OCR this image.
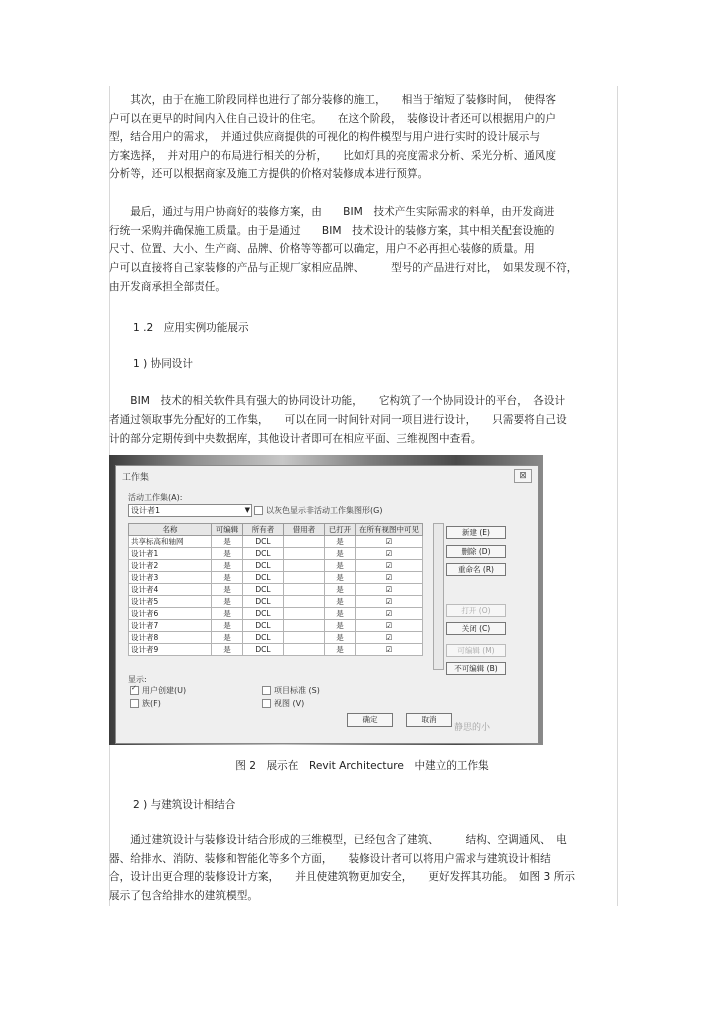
　　其次，由于在施工阶段同样也进行了部分装修的施工，　　相当于缩短了装修时间，　使得客

户可以在更早的时间内入住自己设计的住宅。　　在这个阶段，　装修设计者还可以根据用户的户

型，结合用户的需求，　并通过供应商提供的可视化的构件模型与用户进行实时的设计展示与

方案选择，　并对用户的布局进行相关的分析，　　比如灯具的亮度需求分析、采光分析、通风度

分析等，还可以根据商家及施工方提供的价格对装修成本进行预算。

　　最后，通过与用户协商好的装修方案，由　　BIM　技术产生实际需求的料单，由开发商进

行统一采购并确保施工质量。由于是通过　　BIM　技术设计的装修方案，其中相关配套设施的

尺寸、位置、大小、生产商、品牌、价格等等都可以确定，用户不必再担心装修的质量。用

户可以直接将自己家装修的产品与正规厂家相应品牌、　　　型号的产品进行对比，　如果发现不符，

由开发商承担全部责任。

1 .2　应用实例功能展示

1 ) 协同设计

　　BIM　技术的相关软件具有强大的协同设计功能，　　它构筑了一个协同设计的平台，　各设计

者通过领取事先分配好的工作集，　　可以在同一时间针对同一项目进行设计，　　只需要将自己设

计的部分定期传到中央数据库，其他设计者即可在相应平面、三维视图中查看。

工作集	⊠
活动工作集(A):
设计者1	▼	以灰色显示非活动工作集图形(G)
名称	可编辑	所有者	借用者	已打开	在所有视图中可见
共享标高和轴网	是	DCL		是	☑
设计者1	是	DCL		是	☑
设计者2	是	DCL		是	☑
设计者3	是	DCL		是	☑
设计者4	是	DCL		是	☑
设计者5	是	DCL		是	☑
设计者6	是	DCL		是	☑
设计者7	是	DCL		是	☑
设计者8	是	DCL		是	☑
设计者9	是	DCL		是	☑
新建 (E)
删除 (D)
重命名 (R)
打开 (O)
关闭 (C)
可编辑 (M)
不可编辑 (B)
显示:
✓用户创建(U)
族(F)
项目标准 (S)
视图 (V)
确定	取消
静思的小
图 2　展示在　Revit Architecture　中建立的工作集

2 ) 与建筑设计相结合

　　通过建筑设计与装修设计结合形成的三维模型，已经包含了建筑、　　　结构、空调通风、　电

器、给排水、消防、装修和智能化等多个方面，　　装修设计者可以将用户需求与建筑设计相结

合，设计出更合理的装修设计方案，　　并且使建筑物更加安全，　　更好发挥其功能。　如图 3 所示

展示了包含给排水的建筑模型。
